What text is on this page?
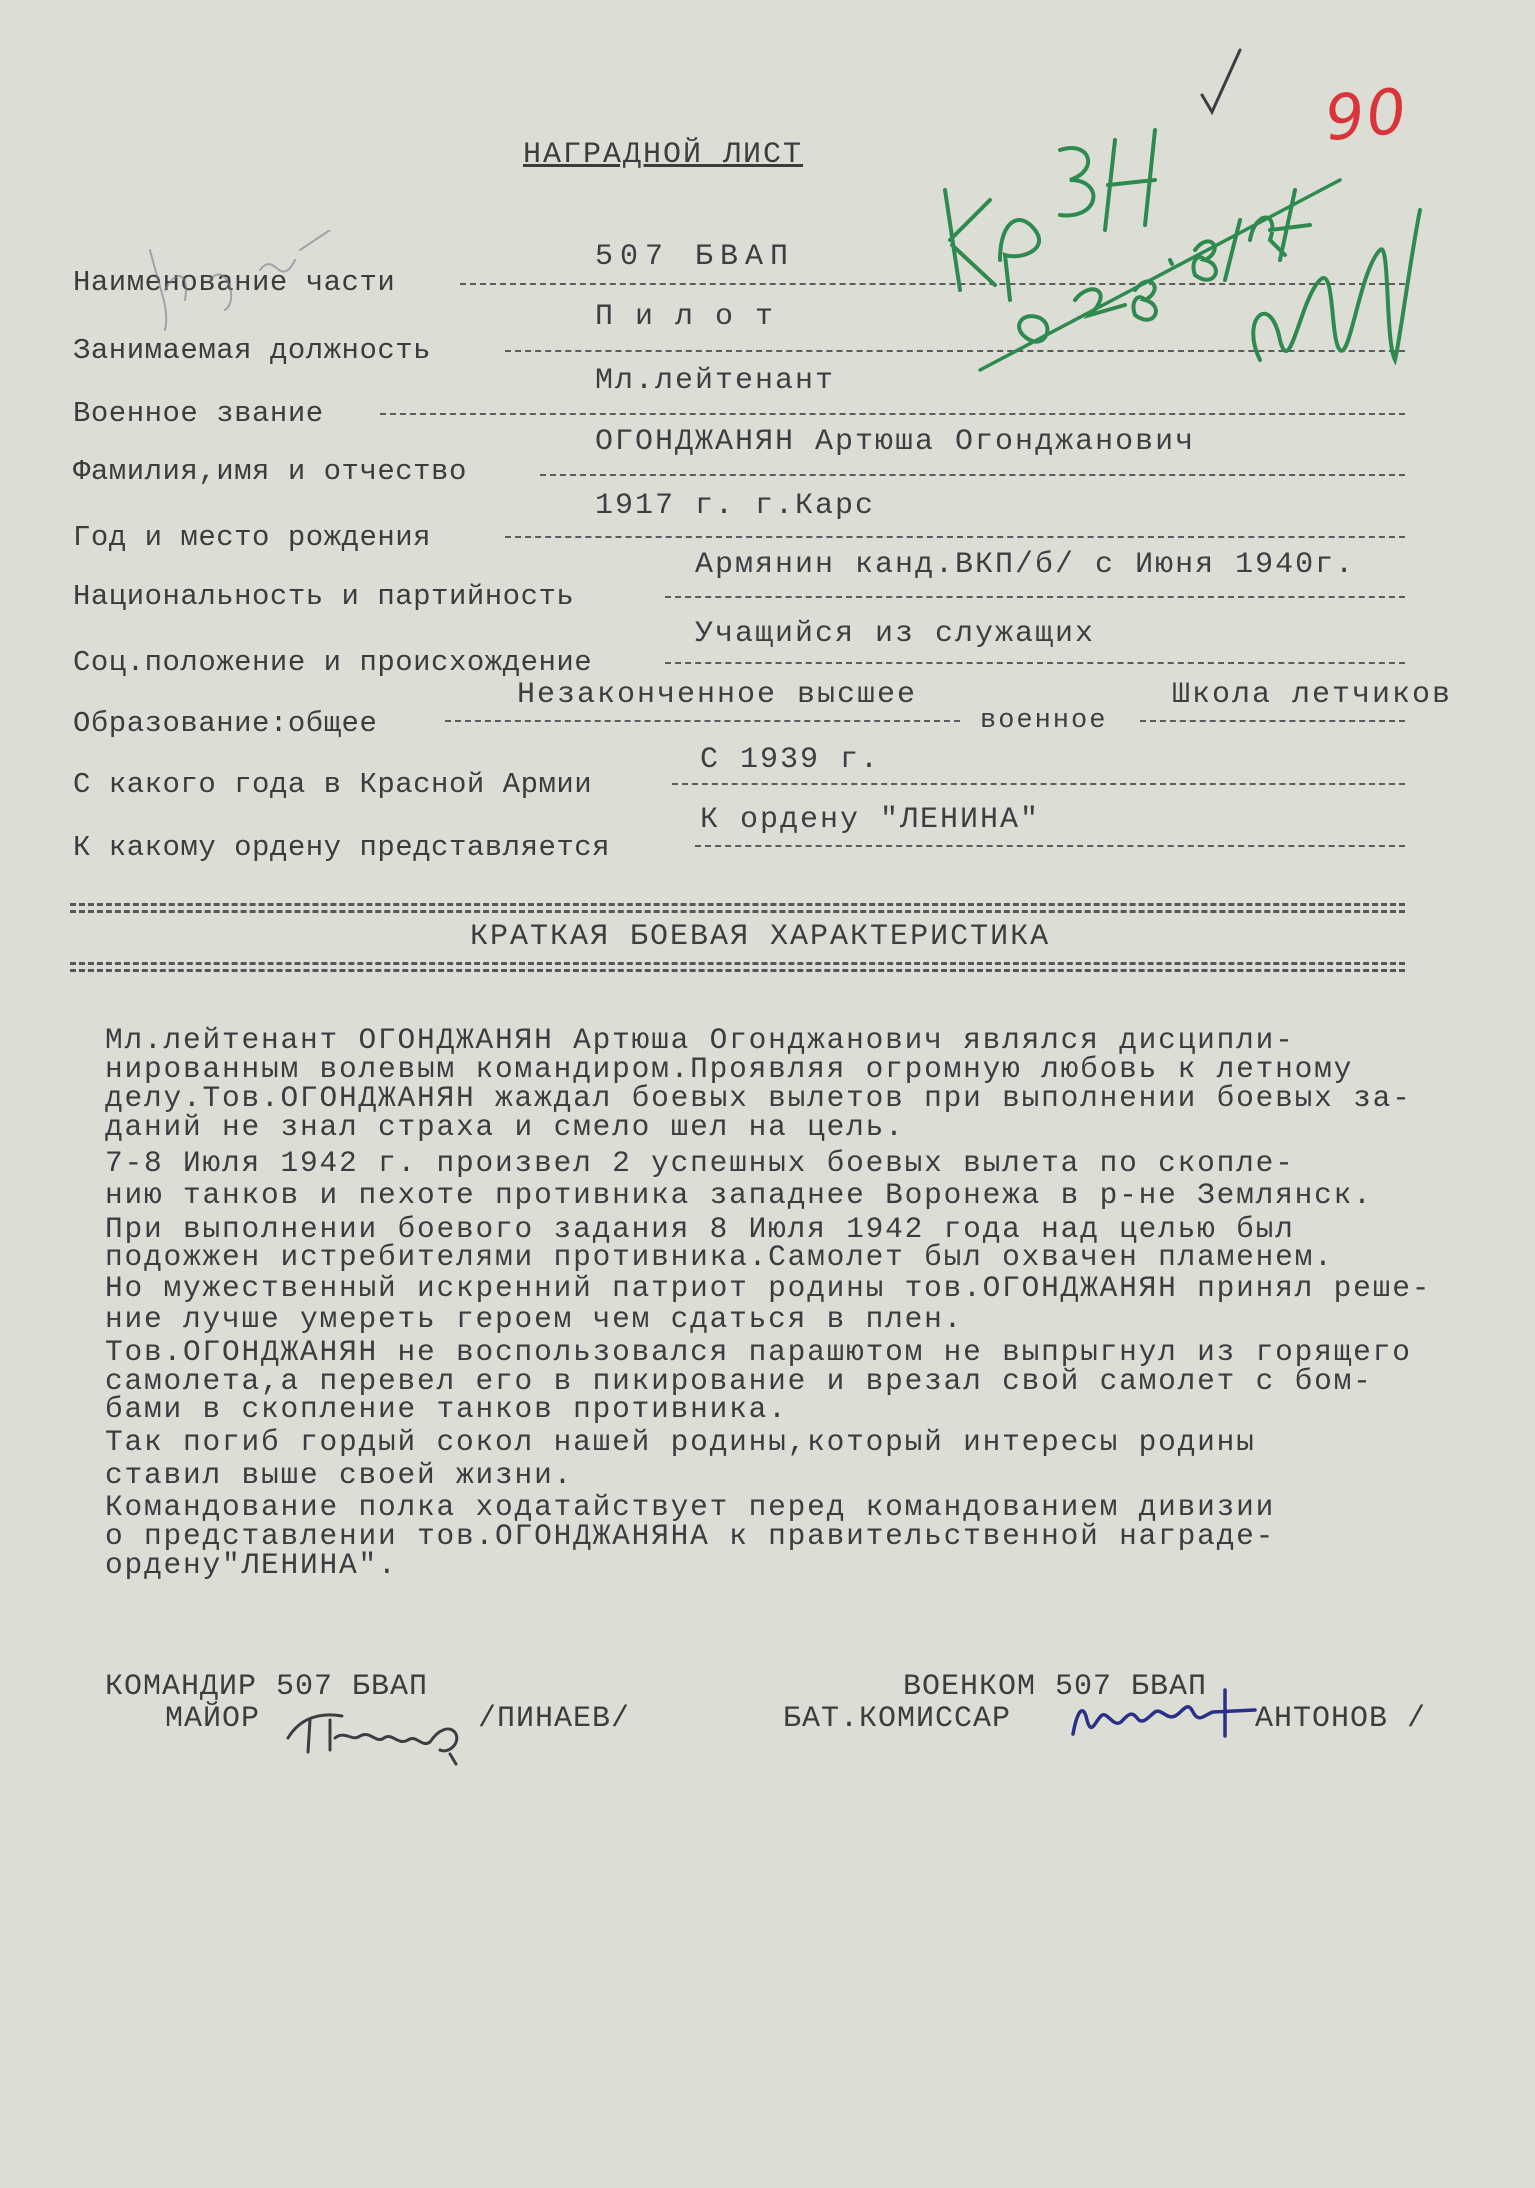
НАГРАДНОЙ ЛИСТ
507 БВАП
Наименование части
П и л о т
Занимаемая должность
Мл.лейтенант
Военное звание
ОГОНДЖАНЯН Артюша Огонджанович
Фамилия,имя и отчество
1917 г. г.Карс
Год и место рождения
Армянин канд.ВКП/б/ с Июня 1940г.
Национальность и партийность
Учащийся из служащих
Соц.положение и происхождение
Незаконченное высшее	Школа летчиков
Образование:общее	военное
С 1939 г.
С какого года в Красной Армии
К ордену "ЛЕНИНА"
К какому ордену представляется
КРАТКАЯ БОЕВАЯ ХАРАКТЕРИСТИКА
Мл.лейтенант ОГОНДЖАНЯН Артюша Огонджанович являлся дисципли-
нированным волевым командиром.Проявляя огромную любовь к летному
делу.Тов.ОГОНДЖАНЯН жаждал боевых вылетов при выполнении боевых за-
даний не знал страха и смело шел на цель.
7-8 Июля 1942 г. произвел 2 успешных боевых вылета по скопле-
нию танков и пехоте противника западнее Воронежа в р-не Землянск.
При выполнении боевого задания 8 Июля 1942 года над целью был
подожжен истребителями противника.Самолет был охвачен пламенем.
Но мужественный искренний патриот родины тов.ОГОНДЖАНЯН принял реше-
ние лучше умереть героем чем сдаться в плен.
Тов.ОГОНДЖАНЯН не воспользовался парашютом не выпрыгнул из горящего
самолета,а перевел его в пикирование и врезал свой самолет с бом-
бами в скопление танков противника.
Так погиб гордый сокол нашей родины,который интересы родины
ставил выше своей жизни.
Командование полка ходатайствует перед командованием дивизии
о представлении тов.ОГОНДЖАНЯНА к правительственной награде-
ордену"ЛЕНИНА".
КОМАНДИР 507 БВАП
МАЙОР	/ПИНАЕВ/
ВОЕНКОМ 507 БВАП
БАТ.КОМИССАР	АНТОНОВ /
90
